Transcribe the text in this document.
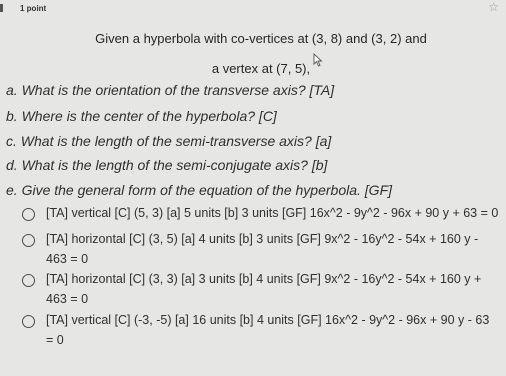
1 point	☆
Given a hyperbola with co-vertices at (3, 8) and (3, 2) and
a vertex at (7, 5),
a. What is the orientation of the transverse axis? [TA]
b. Where is the center of the hyperbola? [C]
c. What is the length of the semi-transverse axis? [a]
d. What is the length of the semi-conjugate axis? [b]
e. Give the general form of the equation of the hyperbola. [GF]
[TA] vertical [C] (5, 3) [a] 5 units [b] 3 units [GF] 16x^2 - 9y^2 - 96x + 90 y + 63 = 0
[TA] horizontal [C] (3, 5) [a] 4 units [b] 3 units [GF] 9x^2 - 16y^2 - 54x + 160 y -
463 = 0
[TA] horizontal [C] (3, 3) [a] 3 units [b] 4 units [GF] 9x^2 - 16y^2 - 54x + 160 y +
463 = 0
[TA] vertical [C] (-3, -5) [a] 16 units [b] 4 units [GF] 16x^2 - 9y^2 - 96x + 90 y - 63
= 0
